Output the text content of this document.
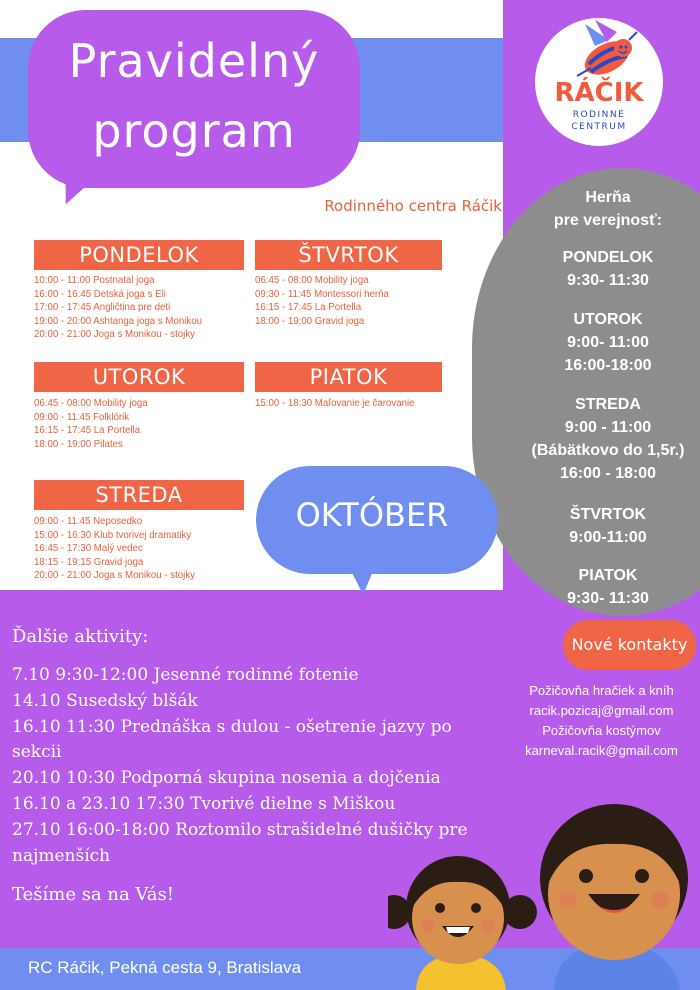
Pravidelný
program
Rodinného centra Ráčik
RÁČIK
RODINNÉ
CENTRUM
PONDELOK
10:00 - 11:00 Postnatal joga
16:00 - 16:45 Detská joga s Eli
17:00 - 17:45 Angličtina pre deti
19:00 - 20:00 Ashtanga joga s Monikou
20:00 - 21:00 Joga s Monikou - stojky
UTOROK
06:45 - 08:00 Mobility joga
09:00 - 11:45 Folklórik
16:15 - 17:45 La Portella
18:00 - 19:00 Pilates
STREDA
09:00 - 11:45 Neposedko
15:00 - 16:30 Klub tvorivej dramatiky
16:45 - 17:30 Malý vedec
18:15 - 19:15 Gravid joga
20:00 - 21:00 Joga s Monikou - stojky
ŠTVRTOK
06:45 - 08:00 Mobility joga
09:30 - 11:45 Montessori herňa
16:15 - 17:45 La Portella
18:00 - 19:00 Gravid joga
PIATOK
15:00 - 18:30 Maľovanie je čarovanie
Herňa
pre verejnosť:
PONDELOK
9:30- 11:30
UTOROK
9:00- 11:00
16:00-18:00
STREDA
9:00 - 11:00
(Bábätkovo do 1,5r.)
16:00 - 18:00
ŠTVRTOK
9:00-11:00
PIATOK
9:30- 11:30
OKTÓBER
Nové kontakty
Požičovňa hračiek a kníh
racik.pozicaj@gmail.com
Požičovňa kostýmov
karneval.racik@gmail.com
Ďalšie aktivity:
7.10 9:30-12:00 Jesenné rodinné fotenie
14.10 Susedský blšák
16.10 11:30 Prednáška s dulou - ošetrenie jazvy po sekcii
20.10 10:30 Podporná skupina nosenia a dojčenia
16.10 a 23.10 17:30 Tvorivé dielne s Miškou
27.10 16:00-18:00 Roztomilo strašidelné dušičky pre najmenších
Tešíme sa na Vás!
RC Ráčik, Pekná cesta 9, Bratislava
